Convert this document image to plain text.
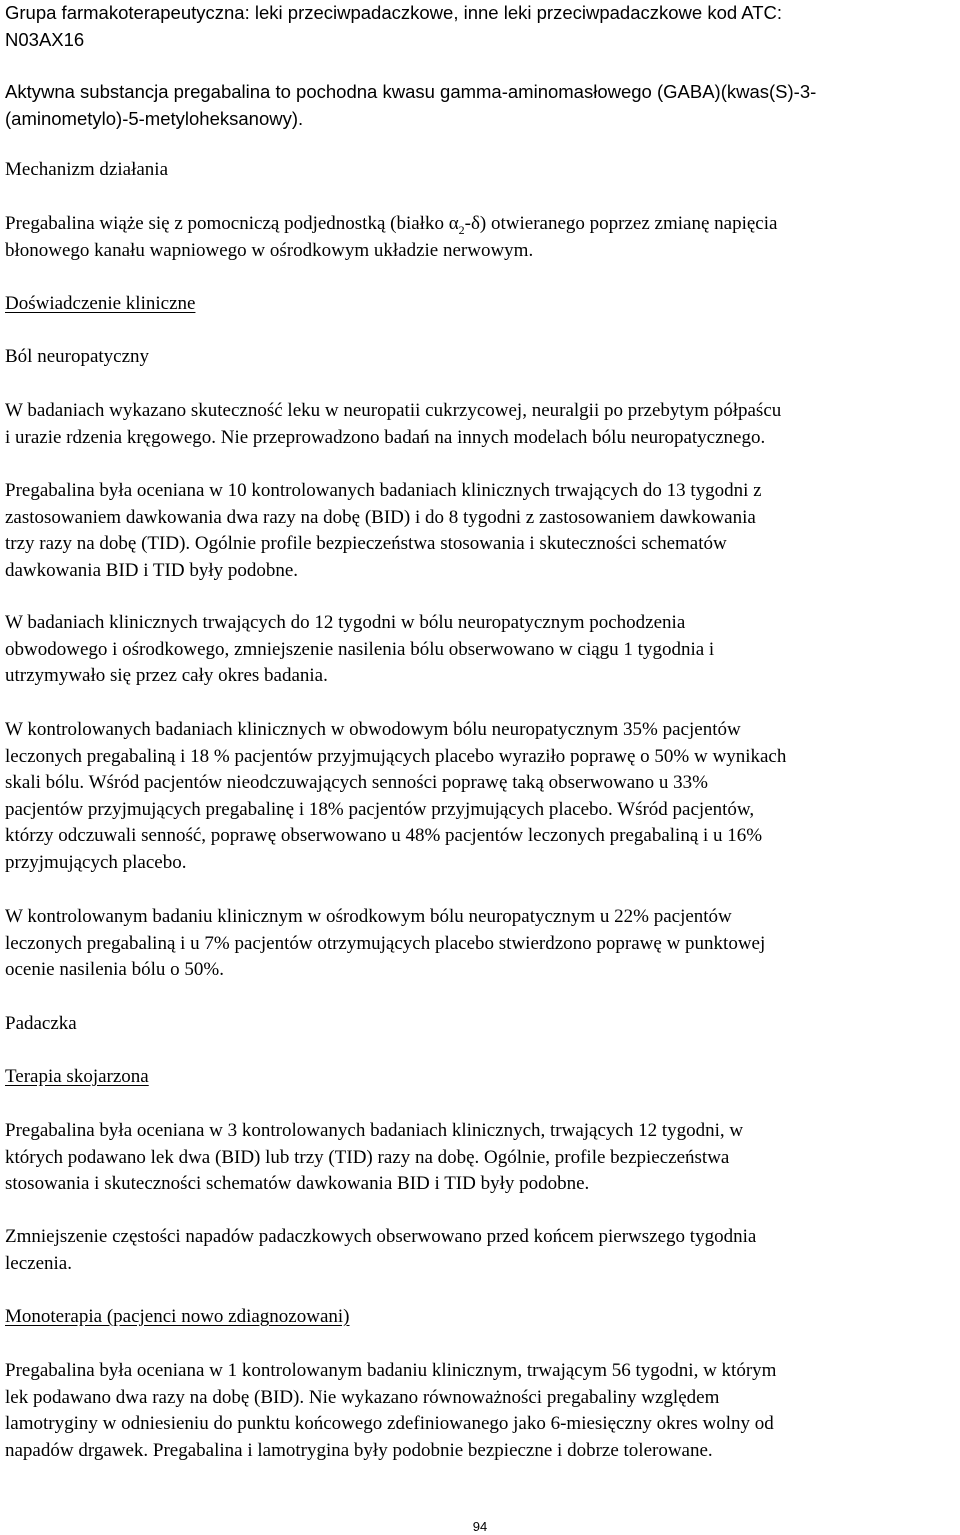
Grupa farmakoterapeutyczna: leki przeciwpadaczkowe, inne leki przeciwpadaczkowe kod ATC:
N03AX16
Aktywna substancja pregabalina to pochodna kwasu gamma-aminomasłowego (GABA)(kwas(S)-3-
(aminometylo)-5-metyloheksanowy).
Mechanizm działania
Pregabalina wiąże się z pomocniczą podjednostką (białko $\alpha_2-\delta$) otwieranego poprzez zmianę napięcia
błonowego kanału wapniowego w ośrodkowym układzie nerwowym.
Doświadczenie kliniczne
Ból neuropatyczny
W badaniach wykazano skuteczność leku w neuropatii cukrzycowej, neuralgii po przebytym półpaścu
i urazie rdzenia kręgowego. Nie przeprowadzono badań na innych modelach bólu neuropatycznego.
Pregabalina była oceniana w 10 kontrolowanych badaniach klinicznych trwających do 13 tygodni z
zastosowaniem dawkowania dwa razy na dobę (BID) i do 8 tygodni z zastosowaniem dawkowania
trzy razy na dobę (TID). Ogólnie profile bezpieczeństwa stosowania i skuteczności schematów
dawkowania BID i TID były podobne.
W badaniach klinicznych trwających do 12 tygodni w bólu neuropatycznym pochodzenia
obwodowego i ośrodkowego, zmniejszenie nasilenia bólu obserwowano w ciągu 1 tygodnia i
utrzymywało się przez cały okres badania.
W kontrolowanych badaniach klinicznych w obwodowym bólu neuropatycznym 35% pacjentów
leczonych pregabaliną i 18 % pacjentów przyjmujących placebo wyraziło poprawę o 50% w wynikach
skali bólu. Wśród pacjentów nieodczuwających senności poprawę taką obserwowano u 33%
pacjentów przyjmujących pregabalinę i 18% pacjentów przyjmujących placebo. Wśród pacjentów,
którzy odczuwali senność, poprawę obserwowano u 48% pacjentów leczonych pregabaliną i u 16%
przyjmujących placebo.
W kontrolowanym badaniu klinicznym w ośrodkowym bólu neuropatycznym u 22% pacjentów
leczonych pregabaliną i u 7% pacjentów otrzymujących placebo stwierdzono poprawę w punktowej
ocenie nasilenia bólu o 50%.
Padaczka
Terapia skojarzona
Pregabalina była oceniana w 3 kontrolowanych badaniach klinicznych, trwających 12 tygodni, w
których podawano lek dwa (BID) lub trzy (TID) razy na dobę. Ogólnie, profile bezpieczeństwa
stosowania i skuteczności schematów dawkowania BID i TID były podobne.
Zmniejszenie częstości napadów padaczkowych obserwowano przed końcem pierwszego tygodnia
leczenia.
Monoterapia (pacjenci nowo zdiagnozowani)
Pregabalina była oceniana w 1 kontrolowanym badaniu klinicznym, trwającym 56 tygodni, w którym
lek podawano dwa razy na dobę (BID). Nie wykazano równoważności pregabaliny względem
lamotryginy w odniesieniu do punktu końcowego zdefiniowanego jako 6-miesięczny okres wolny od
napadów drgawek. Pregabalina i lamotrygina były podobnie bezpieczne i dobrze tolerowane.
94
